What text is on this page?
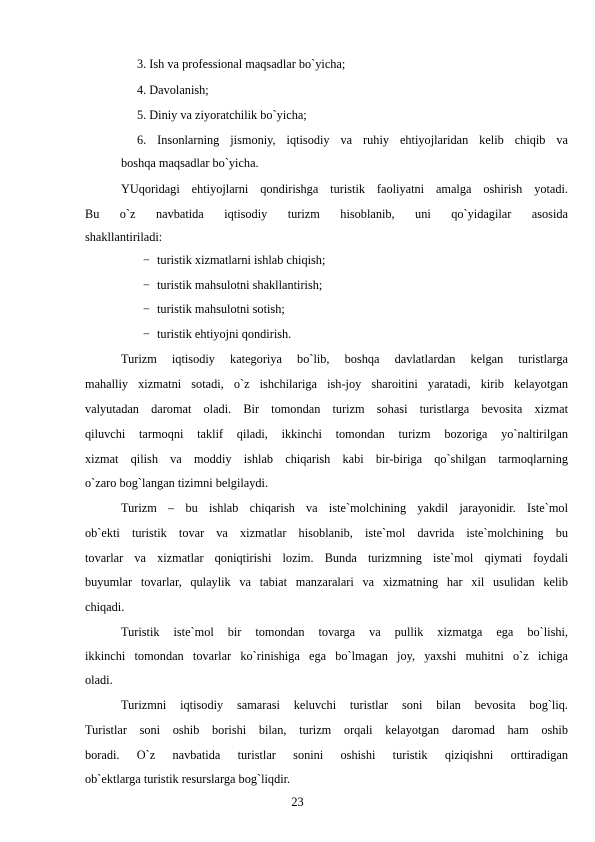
3. Ish va professional maqsadlar bo`yicha;
4. Davolanish;
5. Diniy va ziyoratchilik bo`yicha;
6. Insonlarning jismoniy, iqtisodiy va ruhiy ehtiyojlaridan kelib chiqib va
boshqa maqsadlar bo`yicha.
YUqoridagi ehtiyojlarni qondirishga turistik faoliyatni amalga oshirish yotadi.
Bu o`z navbatida iqtisodiy turizm hisoblanib, uni qo`yidagilar asosida
shakllantiriladi:
− turistik xizmatlarni ishlab chiqish;
− turistik mahsulotni shakllantirish;
− turistik mahsulotni sotish;
− turistik ehtiyojni qondirish.
Turizm iqtisodiy kategoriya bo`lib, boshqa davlatlardan kelgan turistlarga
mahalliy xizmatni sotadi, o`z ishchilariga ish-joy sharoitini yaratadi, kirib kelayotgan
valyutadan daromat oladi. Bir tomondan turizm sohasi turistlarga bevosita xizmat
qiluvchi tarmoqni taklif qiladi, ikkinchi tomondan turizm bozoriga yo`naltirilgan
xizmat qilish va moddiy ishlab chiqarish kabi bir-biriga qo`shilgan tarmoqlarning
o`zaro bog`langan tizimni belgilaydi.
Turizm – bu ishlab chiqarish va iste`molchining yakdil jarayonidir. Iste`mol
ob`ekti turistik tovar va xizmatlar hisoblanib, iste`mol davrida iste`molchining bu
tovarlar va xizmatlar qoniqtirishi lozim. Bunda turizmning iste`mol qiymati foydali
buyumlar tovarlar, qulaylik va tabiat manzaralari va xizmatning har xil usulidan kelib
chiqadi.
Turistik iste`mol bir tomondan tovarga va pullik xizmatga ega bo`lishi,
ikkinchi tomondan tovarlar ko`rinishiga ega bo`lmagan joy, yaxshi muhitni o`z ichiga
oladi.
Turizmni iqtisodiy samarasi keluvchi turistlar soni bilan bevosita bog`liq.
Turistlar soni oshib borishi bilan, turizm orqali kelayotgan daromad ham oshib
boradi. O`z navbatida turistlar sonini oshishi turistik qiziqishni orttiradigan
ob`ektlarga turistik resurslarga bog`liqdir.
23
